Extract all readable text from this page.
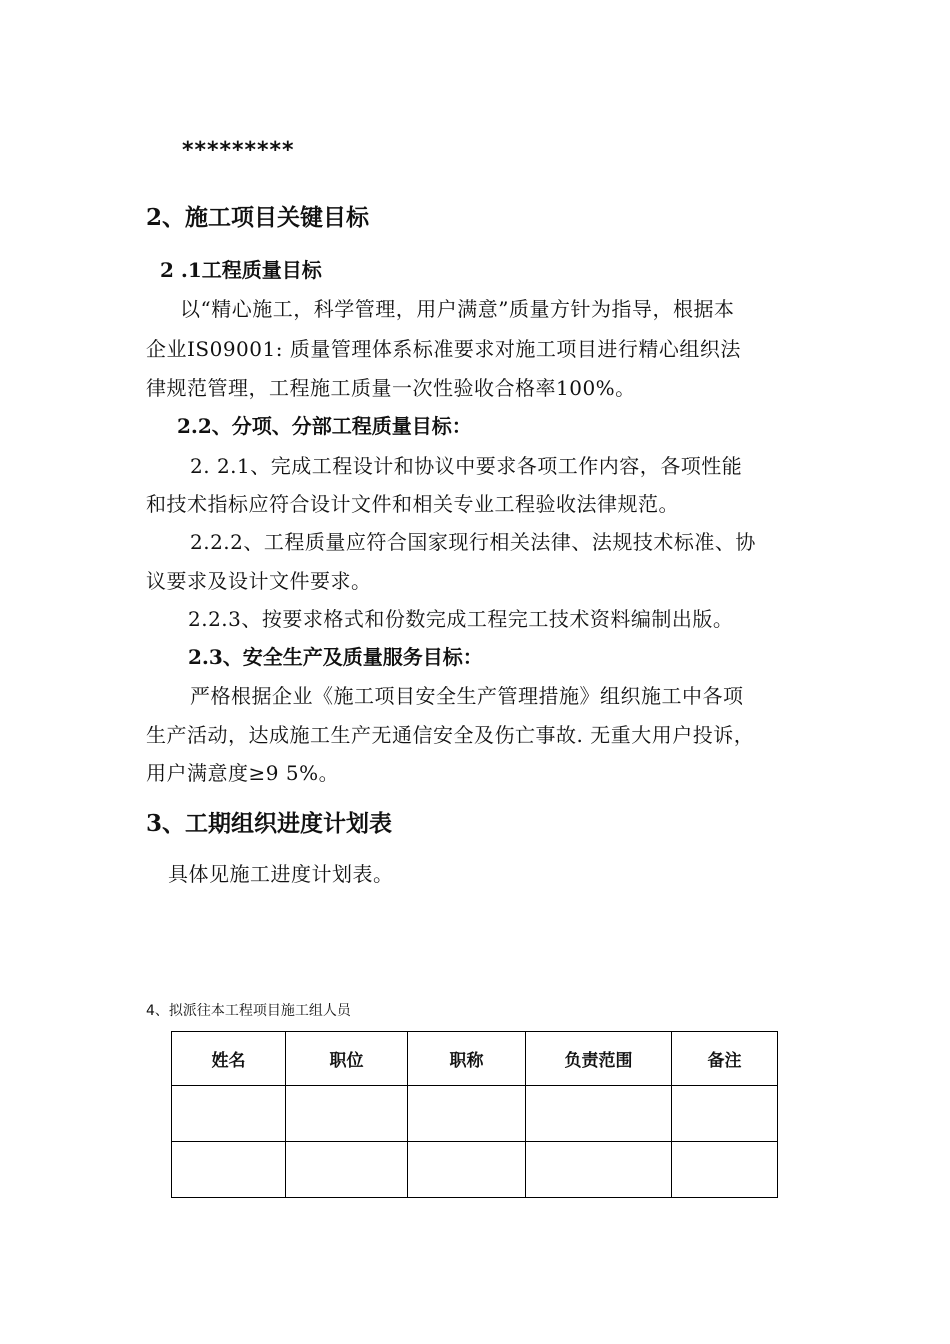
*********
2、施工项目关键目标
2 .1工程质量目标
以“精心施工，科学管理，用户满意”质量方针为指导，根据本
企业IS09001: 质量管理体系标准要求对施工项目进行精心组织法
律规范管理，工程施工质量一次性验收合格率100%。
2.2、分项、分部工程质量目标：
2. 2.1、完成工程设计和协议中要求各项工作内容，各项性能
和技术指标应符合设计文件和相关专业工程验收法律规范。
2.2.2、工程质量应符合国家现行相关法律、法规技术标准、协
议要求及设计文件要求。
2.2.3、按要求格式和份数完成工程完工技术资料编制出版。
2.3、安全生产及质量服务目标：
严格根据企业《施工项目安全生产管理措施》组织施工中各项
生产活动，达成施工生产无通信安全及伤亡事故. 无重大用户投诉，
用户满意度≥9 5%。
3、工期组织进度计划表
具体见施工进度计划表。
4、拟派往本工程项目施工组人员
姓名	职位	职称	负责范围	备注
